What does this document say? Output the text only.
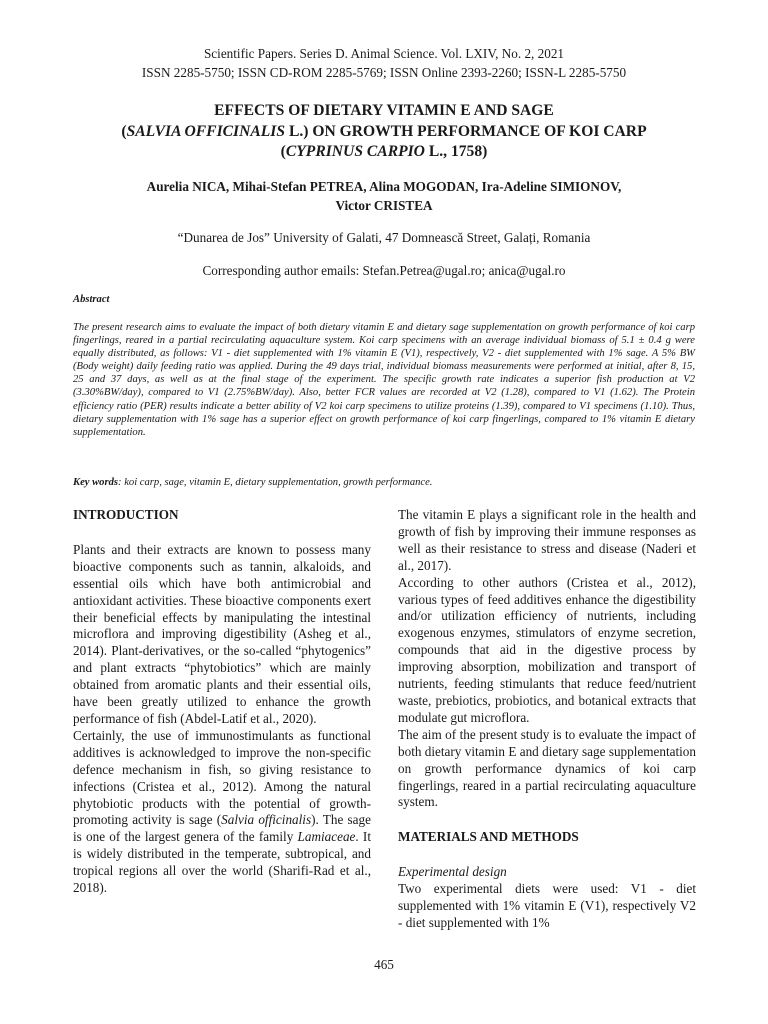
Scientific Papers. Series D. Animal Science. Vol. LXIV, No. 2, 2021
ISSN 2285-5750; ISSN CD-ROM 2285-5769; ISSN Online 2393-2260; ISSN-L 2285-5750
EFFECTS OF DIETARY VITAMIN E AND SAGE
(SALVIA OFFICINALIS L.) ON GROWTH PERFORMANCE OF KOI CARP
(CYPRINUS CARPIO L., 1758)
Aurelia NICA, Mihai-Stefan PETREA, Alina MOGODAN, Ira-Adeline SIMIONOV,
Victor CRISTEA
“Dunarea de Jos” University of Galati, 47 Domnească Street, Galați, Romania
Corresponding author emails: Stefan.Petrea@ugal.ro; anica@ugal.ro
Abstract
The present research aims to evaluate the impact of both dietary vitamin E and dietary sage supplementation on growth performance of koi carp fingerlings, reared in a partial recirculating aquaculture system. Koi carp specimens with an average individual biomass of 5.1 ± 0.4 g were equally distributed, as follows: V1 - diet supplemented with 1% vitamin E (V1), respectively, V2 - diet supplemented with 1% sage. A 5% BW (Body weight) daily feeding ratio was applied. During the 49 days trial, individual biomass measurements were performed at initial, after 8, 15, 25 and 37 days, as well as at the final stage of the experiment. The specific growth rate indicates a superior fish production at V2 (3.30%BW/day), compared to V1 (2.75%BW/day). Also, better FCR values are recorded at V2 (1.28), compared to V1 (1.62). The Protein efficiency ratio (PER) results indicate a better ability of V2 koi carp specimens to utilize proteins (1.39), compared to V1 specimens (1.10). Thus, dietary supplementation with 1% sage has a superior effect on growth performance of koi carp fingerlings, compared to 1% vitamin E dietary supplementation.
Key words: koi carp, sage, vitamin E, dietary supplementation, growth performance.
INTRODUCTION

Plants and their extracts are known to possess many bioactive components such as tannin, alkaloids, and essential oils which have both antimicrobial and antioxidant activities. These bioactive components exert their beneficial effects by manipulating the intestinal microflora and improving digestibility (Asheg et al., 2014). Plant-derivatives, or the so-called “phytogenics” and plant extracts “phytobiotics” which are mainly obtained from aromatic plants and their essential oils, have been greatly utilized to enhance the growth performance of fish (Abdel-Latif et al., 2020).

Certainly, the use of immunostimulants as functional additives is acknowledged to improve the non-specific defence mechanism in fish, so giving resistance to infections (Cristea et al., 2012). Among the natural phytobiotic products with the potential of growth-promoting activity is sage (Salvia officinalis). The sage is one of the largest genera of the family Lamiaceae. It is widely distributed in the temperate, subtropical, and tropical regions all over the world (Sharifi-Rad et al., 2018).

The vitamin E plays a significant role in the health and growth of fish by improving their immune responses as well as their resistance to stress and disease (Naderi et al., 2017).

According to other authors (Cristea et al., 2012), various types of feed additives enhance the digestibility and/or utilization efficiency of nutrients, including exogenous enzymes, stimulators of enzyme secretion, compounds that aid in the digestive process by improving absorption, mobilization and transport of nutrients, feeding stimulants that reduce feed/nutrient waste, prebiotics, probiotics, and botanical extracts that modulate gut microflora.

The aim of the present study is to evaluate the impact of both dietary vitamin E and dietary sage supplementation on growth performance dynamics of koi carp fingerlings, reared in a partial recirculating aquaculture system.

MATERIALS AND METHODS
Experimental design

Two experimental diets were used: V1 - diet supplemented with 1% vitamin E (V1), respectively V2 - diet supplemented with 1%

465
